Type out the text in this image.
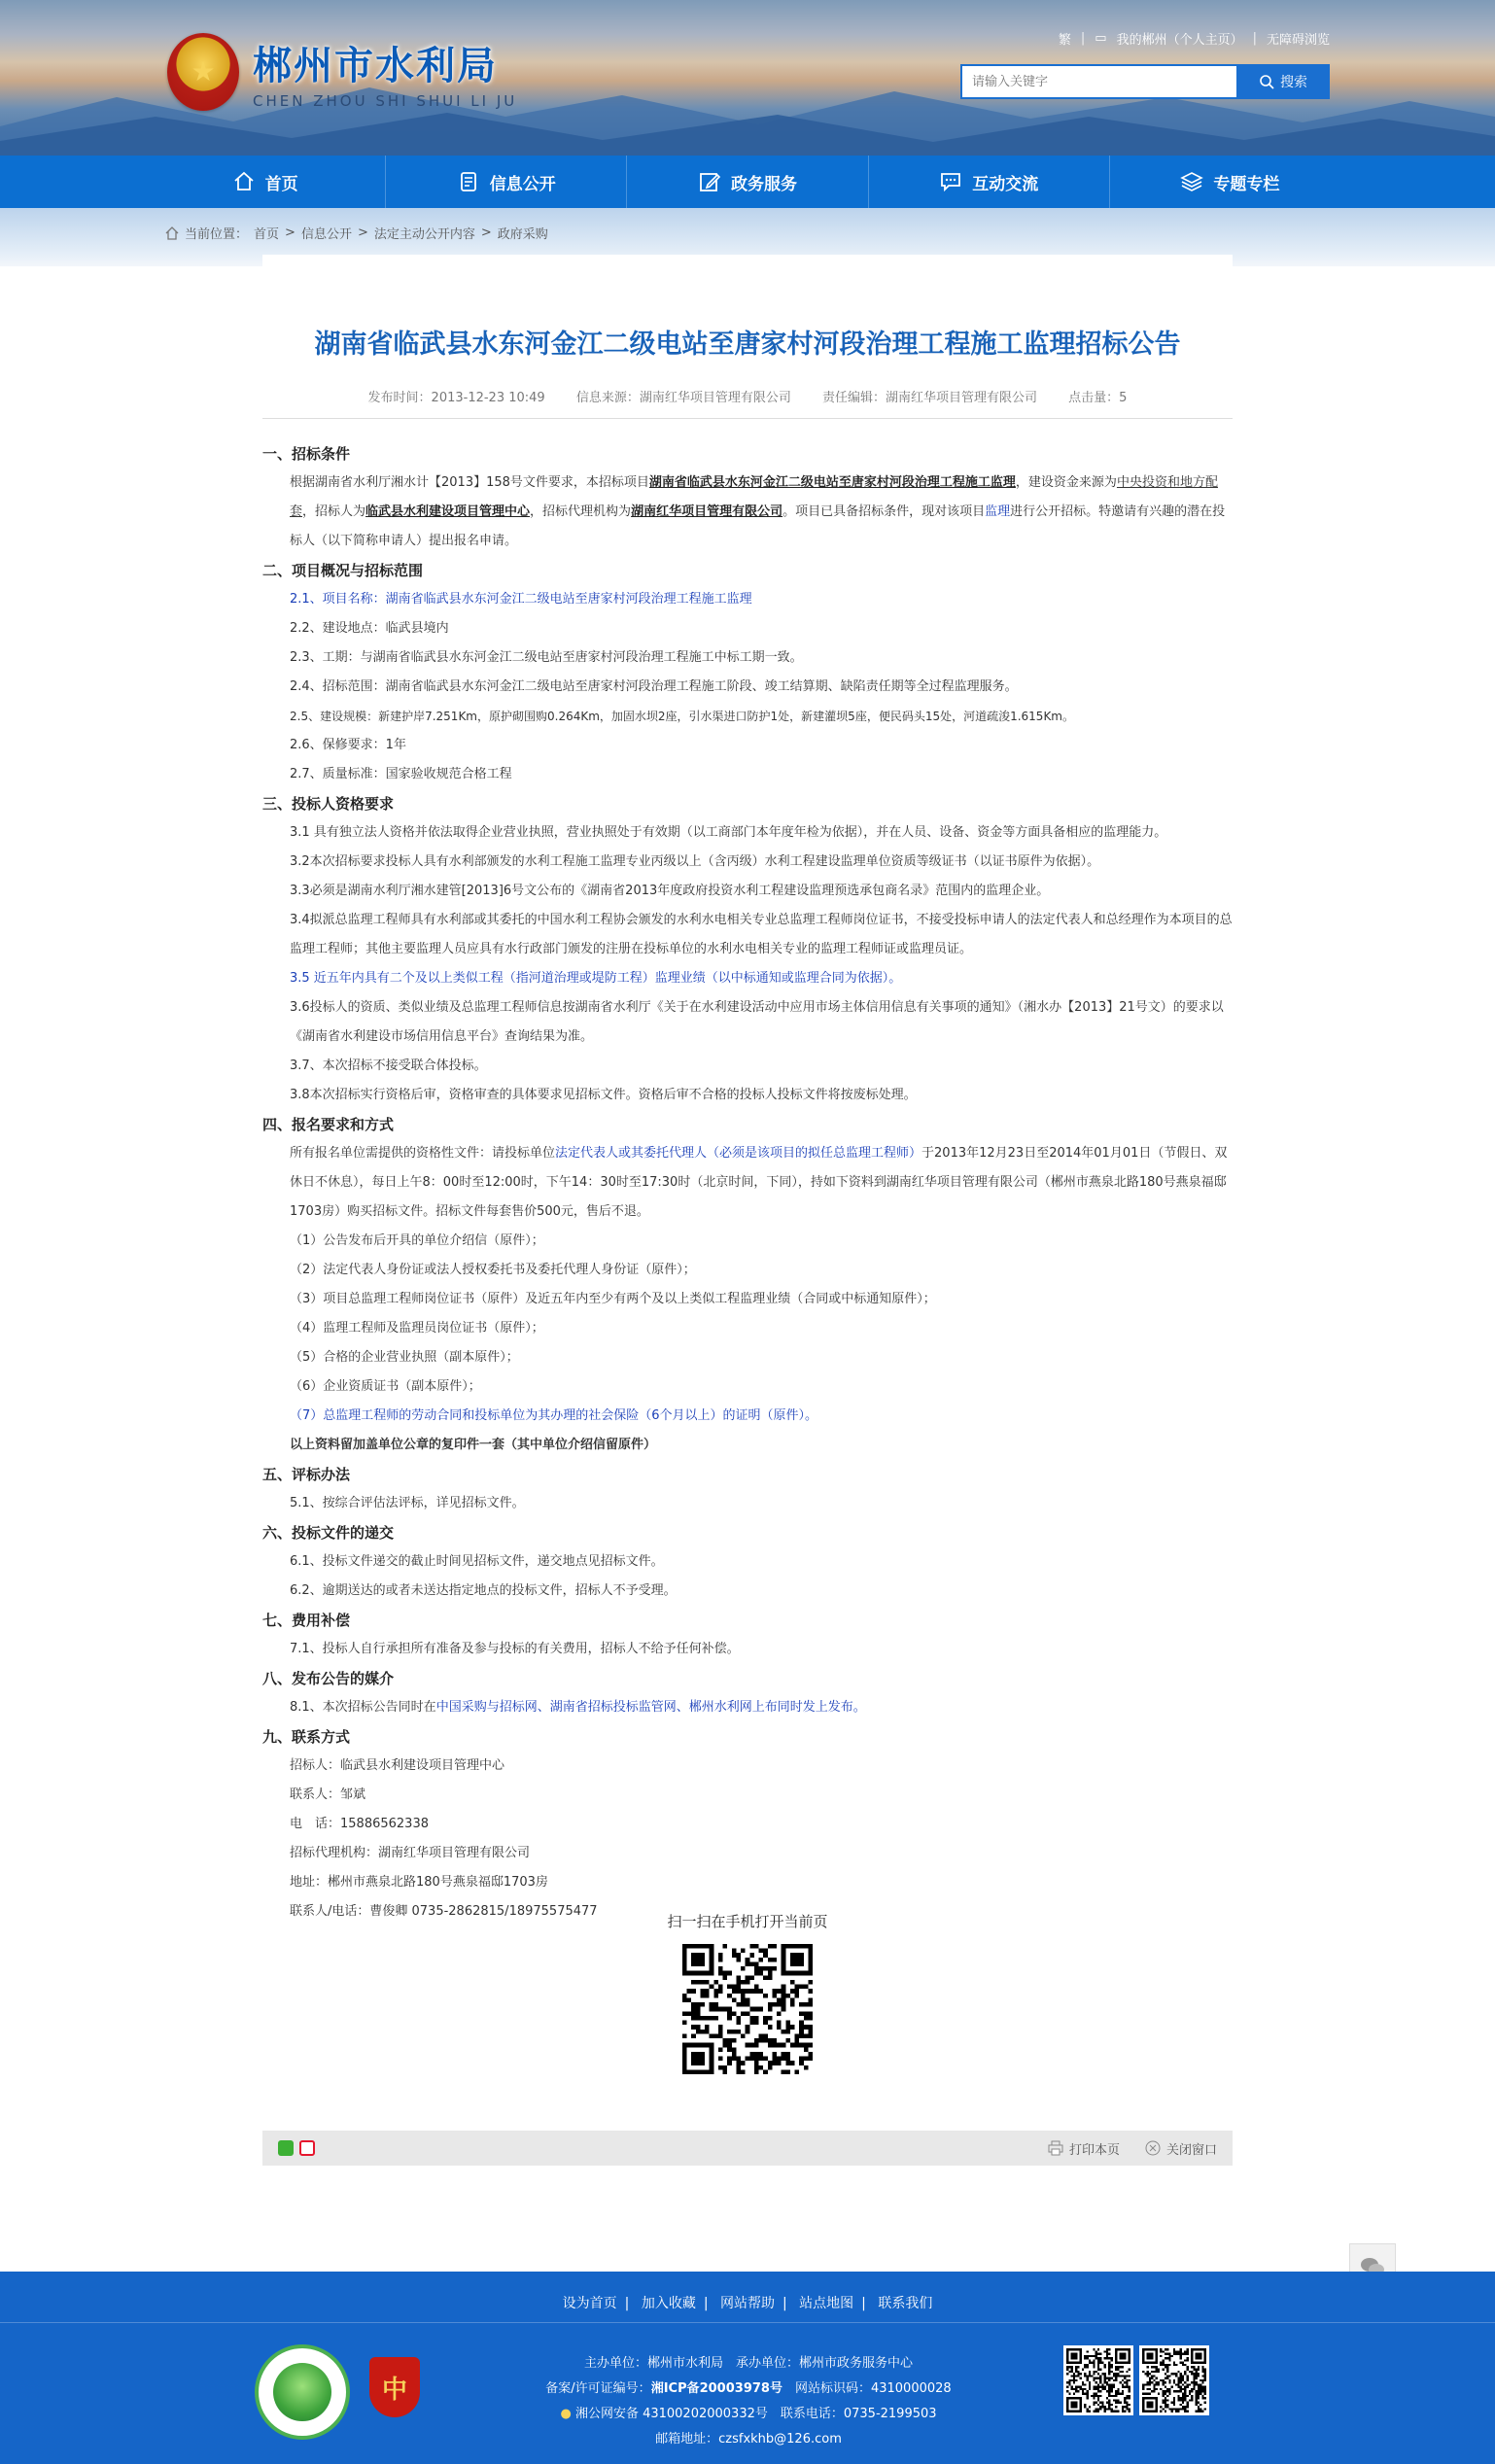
★ 郴州市水利局
CHEN ZHOU SHI SHUI LI JU
繁 | ▭ 我的郴州（个人主页） | 无障碍浏览
请输入关键字
搜索
首页	信息公开	政务服务	互动交流	专题专栏
当前位置： 首页 > 信息公开 > 法定主动公开内容 > 政府采购
湖南省临武县水东河金江二级电站至唐家村河段治理工程施工监理招标公告
发布时间：2013-12-23 10:49 信息来源：湖南红华项目管理有限公司 责任编辑：湖南红华项目管理有限公司 点击量：5
一、招标条件

根据湖南省水利厅湘水计【2013】158号文件要求，本招标项目湖南省临武县水东河金江二级电站至唐家村河段治理工程施工监理，建设资金来源为中央投资和地方配套，招标人为临武县水利建设项目管理中心，招标代理机构为湖南红华项目管理有限公司。项目已具备招标条件，现对该项目监理进行公开招标。特邀请有兴趣的潜在投标人（以下简称申请人）提出报名申请。

二、项目概况与招标范围

2.1、项目名称：湖南省临武县水东河金江二级电站至唐家村河段治理工程施工监理

2.2、建设地点：临武县境内

2.3、工期：与湖南省临武县水东河金江二级电站至唐家村河段治理工程施工中标工期一致。

2.4、招标范围：湖南省临武县水东河金江二级电站至唐家村河段治理工程施工阶段、竣工结算期、缺陷责任期等全过程监理服务。

2.5、建设规模：新建护岸7.251Km，原护砌围购0.264Km，加固水坝2座，引水渠进口防护1处，新建灌坝5座，便民码头15处，河道疏浚1.615Km。

2.6、保修要求：1年

2.7、质量标准：国家验收规范合格工程

三、投标人资格要求

3.1 具有独立法人资格并依法取得企业营业执照，营业执照处于有效期（以工商部门本年度年检为依据），并在人员、设备、资金等方面具备相应的监理能力。

3.2本次招标要求投标人具有水利部颁发的水利工程施工监理专业丙级以上（含丙级）水利工程建设监理单位资质等级证书（以证书原件为依据）。

3.3必须是湖南水利厅湘水建管[2013]6号文公布的《湖南省2013年度政府投资水利工程建设监理预选承包商名录》范围内的监理企业。

3.4拟派总监理工程师具有水利部或其委托的中国水利工程协会颁发的水利水电相关专业总监理工程师岗位证书，不接受投标申请人的法定代表人和总经理作为本项目的总监理工程师；其他主要监理人员应具有水行政部门颁发的注册在投标单位的水利水电相关专业的监理工程师证或监理员证。

3.5 近五年内具有二个及以上类似工程（指河道治理或堤防工程）监理业绩（以中标通知或监理合同为依据）。

3.6投标人的资质、类似业绩及总监理工程师信息按湖南省水利厅《关于在水利建设活动中应用市场主体信用信息有关事项的通知》（湘水办【2013】21号文）的要求以《湖南省水利建设市场信用信息平台》查询结果为准。

3.7、本次招标不接受联合体投标。

3.8本次招标实行资格后审，资格审查的具体要求见招标文件。资格后审不合格的投标人投标文件将按废标处理。

四、报名要求和方式

所有报名单位需提供的资格性文件：请投标单位法定代表人或其委托代理人（必须是该项目的拟任总监理工程师）于2013年12月23日至2014年01月01日（节假日、双休日不休息），每日上午8：00时至12:00时，下午14：30时至17:30时（北京时间，下同），持如下资料到湖南红华项目管理有限公司（郴州市燕泉北路180号燕泉福邸1703房）购买招标文件。招标文件每套售价500元，售后不退。

（1）公告发布后开具的单位介绍信（原件）；

（2）法定代表人身份证或法人授权委托书及委托代理人身份证（原件）；

（3）项目总监理工程师岗位证书（原件）及近五年内至少有两个及以上类似工程监理业绩（合同或中标通知原件）；

（4）监理工程师及监理员岗位证书（原件）；

（5）合格的企业营业执照（副本原件）；

（6）企业资质证书（副本原件）；

（7）总监理工程师的劳动合同和投标单位为其办理的社会保险（6个月以上）的证明（原件）。

以上资料留加盖单位公章的复印件一套（其中单位介绍信留原件）

五、评标办法

5.1、按综合评估法评标，详见招标文件。

六、投标文件的递交

6.1、投标文件递交的截止时间见招标文件，递交地点见招标文件。

6.2、逾期送达的或者未送达指定地点的投标文件，招标人不予受理。

七、费用补偿

7.1、投标人自行承担所有准备及参与投标的有关费用，招标人不给予任何补偿。

八、发布公告的媒介

8.1、本次招标公告同时在中国采购与招标网、湖南省招标投标监管网、郴州水利网上布同时发上发布。

九、联系方式

招标人：临武县水利建设项目管理中心

联系人：邹斌

电　话：15886562338

招标代理机构：湖南红华项目管理有限公司

地址：郴州市燕泉北路180号燕泉福邸1703房

联系人/电话：曹俊卿 0735-2862815/18975575477

扫一扫在手机打开当前页
打印本页	关闭窗口
设为首页 | 加入收藏 | 网站帮助 | 站点地图 | 联系我们
中
主办单位：郴州市水利局　承办单位：郴州市政务服务中心
备案/许可证编号：湘ICP备20003978号　网站标识码：4310000028
● 湘公网安备 43100202000332号　联系电话：0735-2199503
邮箱地址：czsfxkhb@126.com
